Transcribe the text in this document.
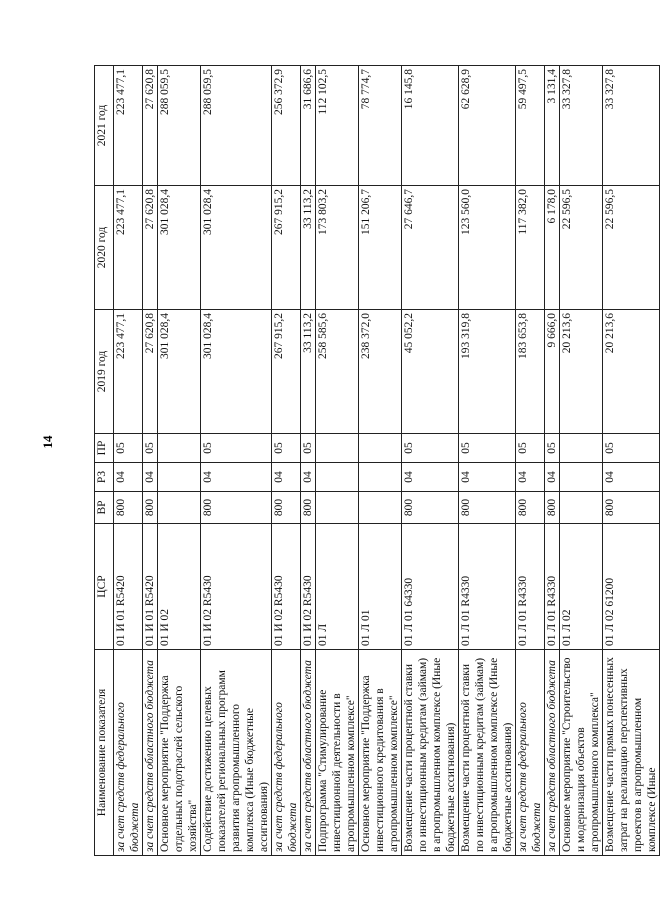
14
Наименование показателя	ЦСР	ВР	РЗ	ПР	2019 год	2020 год	2021 год
за счет средств федерального бюджета	01 И 01 R5420	800	04	05	223 477,1	223 477,1	223 477,1
за счет средств областного бюджета	01 И 01 R5420	800	04	05	27 620,8	27 620,8	27 620,8
Основное мероприятие "Поддержка отдельных подотраслей сельского хозяйства"	01 И 02				301 028,4	301 028,4	288 059,5
Содействие достижению целевых показателей региональных программ развития агропромышленного комплекса (Иные бюджетные ассигнования)	01 И 02 R5430	800	04	05	301 028,4	301 028,4	288 059,5
за счет средств федерального бюджета	01 И 02 R5430	800	04	05	267 915,2	267 915,2	256 372,9
за счет средств областного бюджета	01 И 02 R5430	800	04	05	33 113,2	33 113,2	31 686,6
Подпрограмма "Стимулирование инвестиционной деятельности в агропромышленном комплексе"	01 Л				258 585,6	173 803,2	112 102,5
Основное мероприятие "Поддержка инвестиционного кредитования в агропромышленном комплексе"	01 Л 01				238 372,0	151 206,7	78 774,7
Возмещение части процентной ставки по инвестиционным кредитам (займам) в агропромышленном комплексе (Иные бюджетные ассигнования)	01 Л 01 64330	800	04	05	45 052,2	27 646,7	16 145,8
Возмещение части процентной ставки по инвестиционным кредитам (займам) в агропромышленном комплексе (Иные бюджетные ассигнования)	01 Л 01 R4330	800	04	05	193 319,8	123 560,0	62 628,9
за счет средств федерального бюджета	01 Л 01 R4330	800	04	05	183 653,8	117 382,0	59 497,5
за счет средств областного бюджета	01 Л 01 R4330	800	04	05	9 666,0	6 178,0	3 131,4
Основное мероприятие "Строительство и модернизация объектов агропромышленного комплекса"	01 Л 02				20 213,6	22 596,5	33 327,8
Возмещение части прямых понесенных затрат на реализацию перспективных проектов в агропромышленном комплексе (Иные	01 Л 02 61200	800	04	05	20 213,6	22 596,5	33 327,8
